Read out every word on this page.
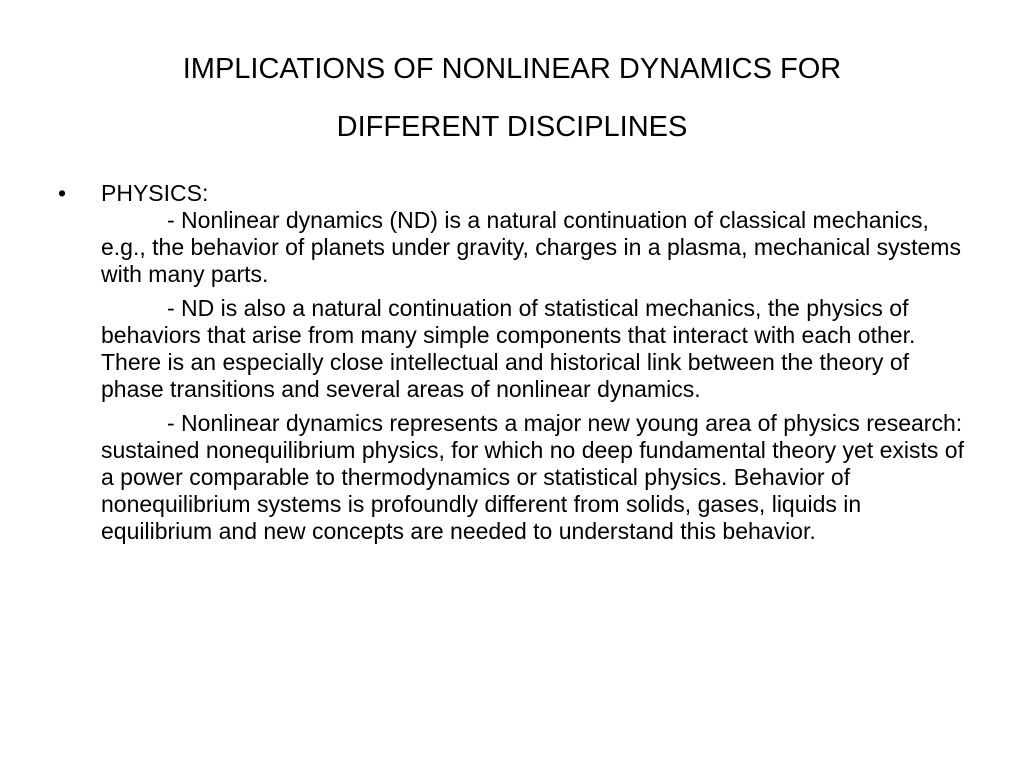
IMPLICATIONS OF NONLINEAR DYNAMICS FOR
DIFFERENT DISCIPLINES
•	PHYSICS:
- Nonlinear dynamics (ND) is a natural continuation of classical mechanics, e.g., the behavior of planets under gravity, charges in a plasma, mechanical systems with many parts.
- ND is also a natural continuation of statistical mechanics, the physics of behaviors that arise from many simple components that interact with each other. There is an especially close intellectual and historical link between the theory of phase transitions and several areas of nonlinear dynamics.
- Nonlinear dynamics represents a major new young area of physics research: sustained nonequilibrium physics, for which no deep fundamental theory yet exists of a power comparable to thermodynamics or statistical physics. Behavior of nonequilibrium systems is profoundly different from solids, gases, liquids in equilibrium and new concepts are needed to understand this behavior.
